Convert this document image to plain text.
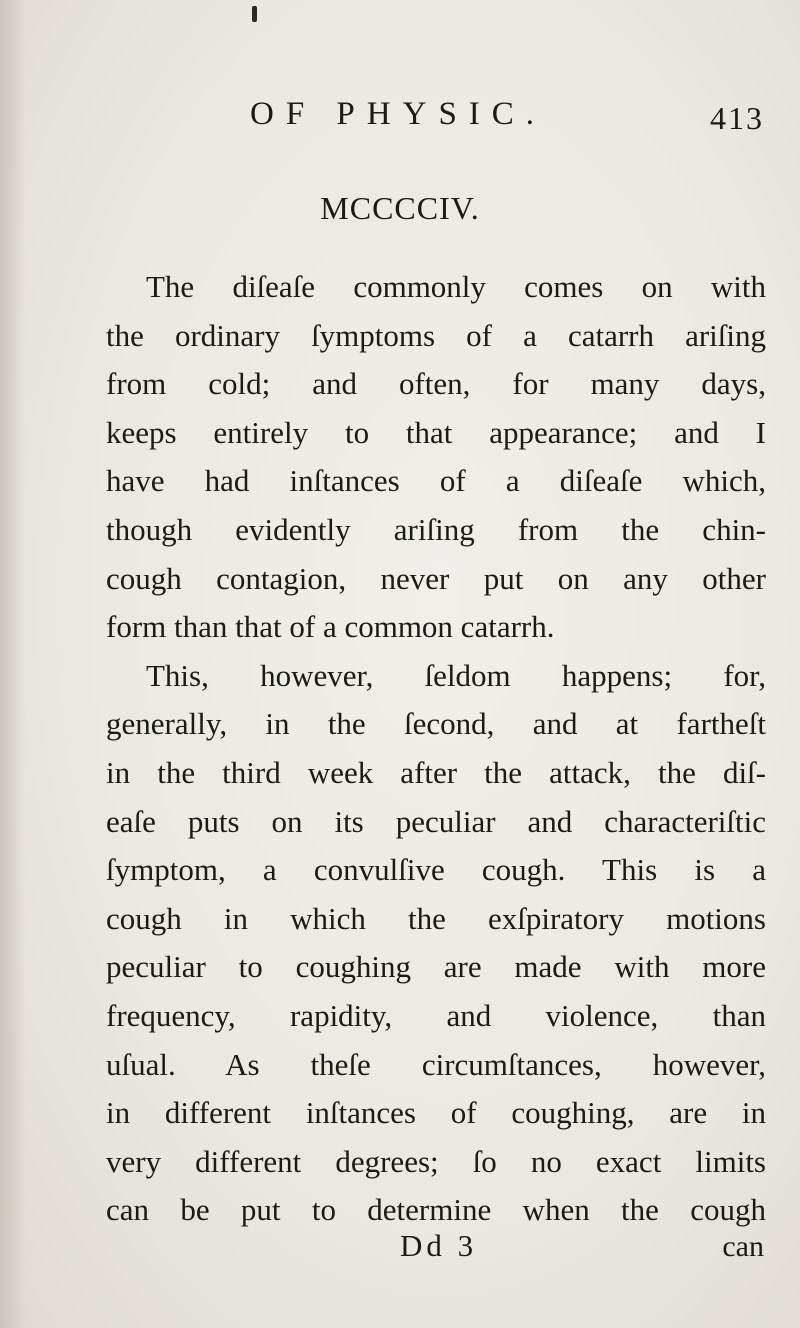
OF PHYSIC.	413
MCCCCIV.
The diſeaſe commonly comes on with
the ordinary ſymptoms of a catarrh ariſing
from cold; and often, for many days,
keeps entirely to that appearance; and I
have had inſtances of a diſeaſe which,
though evidently ariſing from the chin-
cough contagion, never put on any other
form than that of a common catarrh.
This, however, ſeldom happens; for,
generally, in the ſecond, and at fartheſt
in the third week after the attack, the diſ-
eaſe puts on its peculiar and characteriſtic
ſymptom, a convulſive cough. This is a
cough in which the exſpiratory motions
peculiar to coughing are made with more
frequency, rapidity, and violence, than
uſual. As theſe circumſtances, however,
in different inſtances of coughing, are in
very different degrees; ſo no exact limits
can be put to determine when the cough
Dd 3	can
